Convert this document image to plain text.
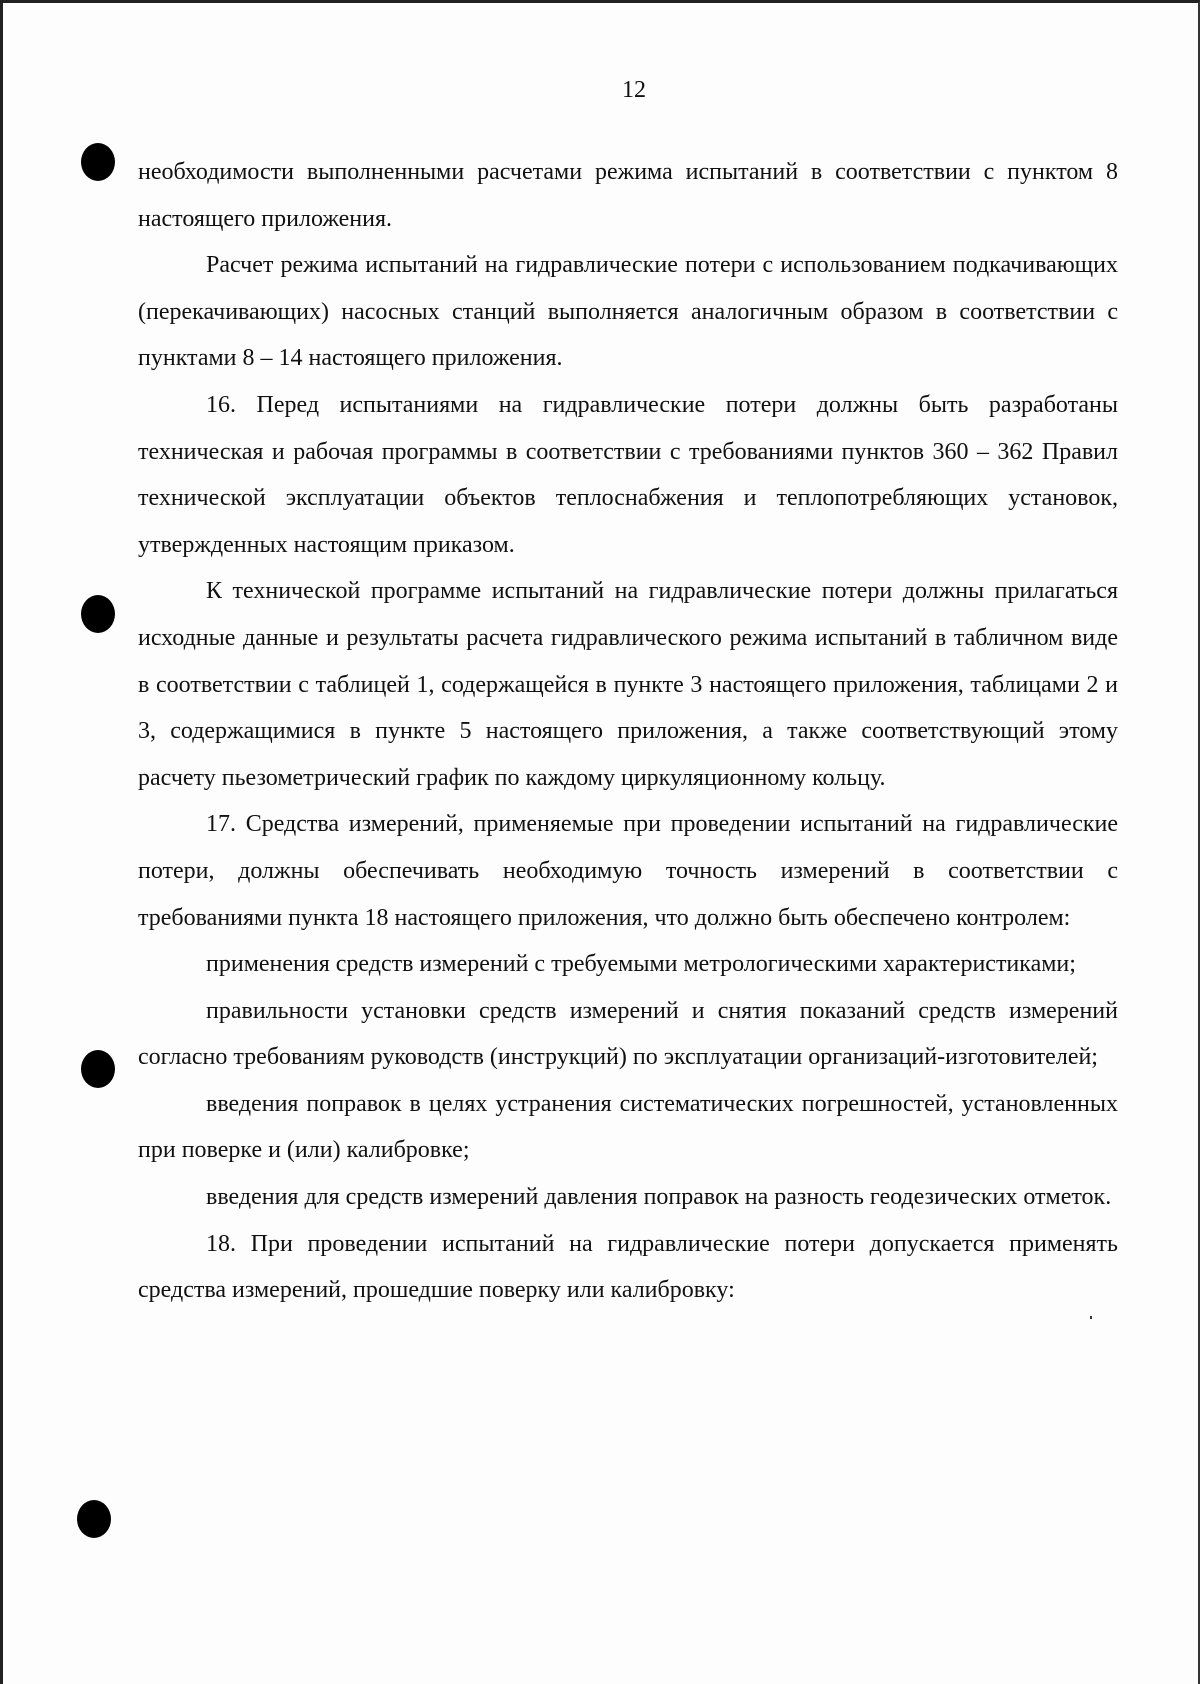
12

необходимости выполненными расчетами режима испытаний в соответствии с пунктом 8 настоящего приложения.

Расчет режима испытаний на гидравлические потери с использованием подкачивающих (перекачивающих) насосных станций выполняется аналогичным образом в соответствии с пунктами 8 – 14 настоящего приложения.

16. Перед испытаниями на гидравлические потери должны быть разработаны техническая и рабочая программы в соответствии с требованиями пунктов 360 – 362 Правил технической эксплуатации объектов теплоснабжения и теплопотребляющих установок, утвержденных настоящим приказом.

К технической программе испытаний на гидравлические потери должны прилагаться исходные данные и результаты расчета гидравлического режима испытаний в табличном виде в соответствии с таблицей 1, содержащейся в пункте 3 настоящего приложения, таблицами 2 и 3, содержащимися в пункте 5 настоящего приложения, а также соответствующий этому расчету пьезометрический график по каждому циркуляционному кольцу.

17. Средства измерений, применяемые при проведении испытаний на гидравлические потери, должны обеспечивать необходимую точность измерений в соответствии с требованиями пункта 18 настоящего приложения, что должно быть обеспечено контролем:

применения средств измерений с требуемыми метрологическими характеристиками;

правильности установки средств измерений и снятия показаний средств измерений согласно требованиям руководств (инструкций) по эксплуатации организаций-изготовителей;

введения поправок в целях устранения систематических погрешностей, установленных при поверке и (или) калибровке;

введения для средств измерений давления поправок на разность геодезических отметок.

18. При проведении испытаний на гидравлические потери допускается применять средства измерений, прошедшие поверку или калибровку:
